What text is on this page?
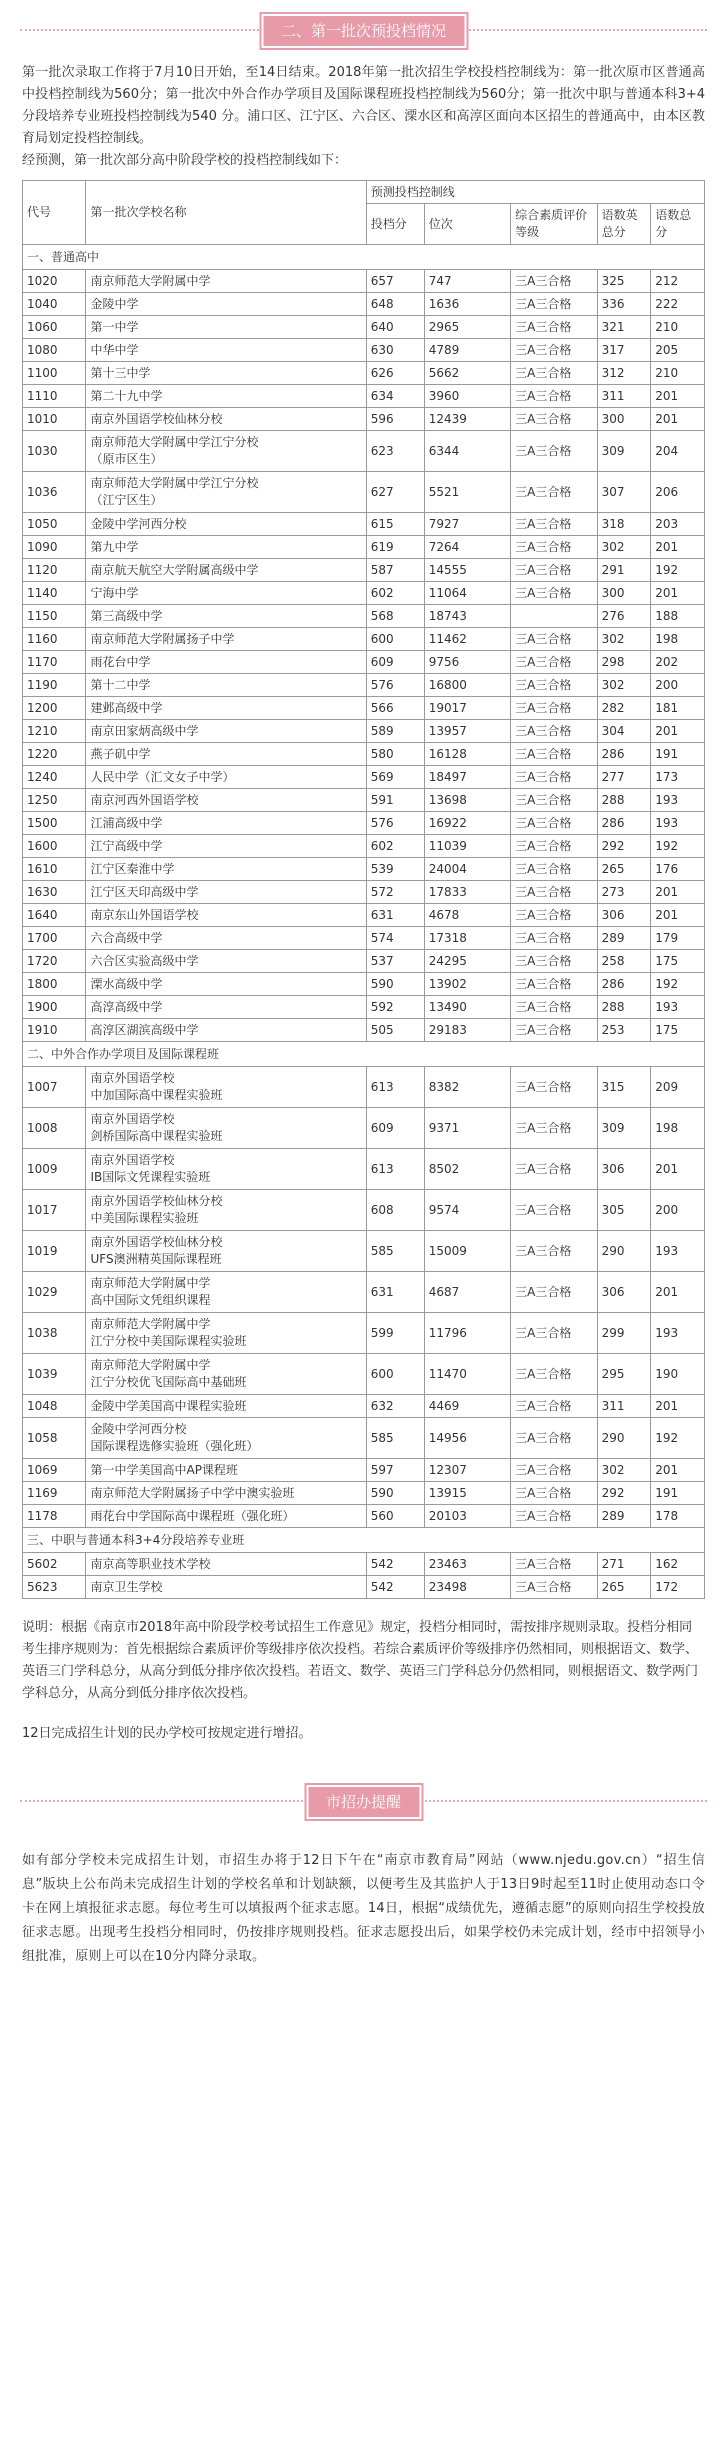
二、第一批次预投档情况
第一批次录取工作将于7月10日开始，至14日结束。2018年第一批次招生学校投档控制线为：第一批次原市区普通高中投档控制线为560分；第一批次中外合作办学项目及国际课程班投档控制线为560分；第一批次中职与普通本科3+4分段培养专业班投档控制线为540 分。浦口区、江宁区、六合区、溧水区和高淳区面向本区招生的普通高中，由本区教育局划定投档控制线。
经预测，第一批次部分高中阶段学校的投档控制线如下：
代号	第一批次学校名称	预测投档控制线				
		投档分	位次	综合素质评价等级	语数英总分	语数总分
一、普通高中						
1020	南京师范大学附属中学	657	747	三A三合格	325	212
1040	金陵中学	648	1636	三A三合格	336	222
1060	第一中学	640	2965	三A三合格	321	210
1080	中华中学	630	4789	三A三合格	317	205
1100	第十三中学	626	5662	三A三合格	312	210
1110	第二十九中学	634	3960	三A三合格	311	201
1010	南京外国语学校仙林分校	596	12439	三A三合格	300	201
1030	南京师范大学附属中学江宁分校
（原市区生）	623	6344	三A三合格	309	204
1036	南京师范大学附属中学江宁分校
（江宁区生）	627	5521	三A三合格	307	206
1050	金陵中学河西分校	615	7927	三A三合格	318	203
1090	第九中学	619	7264	三A三合格	302	201
1120	南京航天航空大学附属高级中学	587	14555	三A三合格	291	192
1140	宁海中学	602	11064	三A三合格	300	201
1150	第三高级中学	568	18743		276	188
1160	南京师范大学附属扬子中学	600	11462	三A三合格	302	198
1170	雨花台中学	609	9756	三A三合格	298	202
1190	第十二中学	576	16800	三A三合格	302	200
1200	建邺高级中学	566	19017	三A三合格	282	181
1210	南京田家炳高级中学	589	13957	三A三合格	304	201
1220	燕子矶中学	580	16128	三A三合格	286	191
1240	人民中学（汇文女子中学）	569	18497	三A三合格	277	173
1250	南京河西外国语学校	591	13698	三A三合格	288	193
1500	江浦高级中学	576	16922	三A三合格	286	193
1600	江宁高级中学	602	11039	三A三合格	292	192
1610	江宁区秦淮中学	539	24004	三A三合格	265	176
1630	江宁区天印高级中学	572	17833	三A三合格	273	201
1640	南京东山外国语学校	631	4678	三A三合格	306	201
1700	六合高级中学	574	17318	三A三合格	289	179
1720	六合区实验高级中学	537	24295	三A三合格	258	175
1800	溧水高级中学	590	13902	三A三合格	286	192
1900	高淳高级中学	592	13490	三A三合格	288	193
1910	高淳区湖滨高级中学	505	29183	三A三合格	253	175
二、中外合作办学项目及国际课程班						
1007	南京外国语学校
中加国际高中课程实验班	613	8382	三A三合格	315	209
1008	南京外国语学校
剑桥国际高中课程实验班	609	9371	三A三合格	309	198
1009	南京外国语学校
IB国际文凭课程实验班	613	8502	三A三合格	306	201
1017	南京外国语学校仙林分校
中美国际课程实验班	608	9574	三A三合格	305	200
1019	南京外国语学校仙林分校
UFS澳洲精英国际课程班	585	15009	三A三合格	290	193
1029	南京师范大学附属中学
高中国际文凭组织课程	631	4687	三A三合格	306	201
1038	南京师范大学附属中学
江宁分校中美国际课程实验班	599	11796	三A三合格	299	193
1039	南京师范大学附属中学
江宁分校优飞国际高中基础班	600	11470	三A三合格	295	190
1048	金陵中学美国高中课程实验班	632	4469	三A三合格	311	201
1058	金陵中学河西分校
国际课程选修实验班（强化班）	585	14956	三A三合格	290	192
1069	第一中学美国高中AP课程班	597	12307	三A三合格	302	201
1169	南京师范大学附属扬子中学中澳实验班	590	13915	三A三合格	292	191
1178	雨花台中学国际高中课程班（强化班）	560	20103	三A三合格	289	178
三、中职与普通本科3+4分段培养专业班						
5602	南京高等职业技术学校	542	23463	三A三合格	271	162
5623	南京卫生学校	542	23498	三A三合格	265	172
说明：根据《南京市2018年高中阶段学校考试招生工作意见》规定，投档分相同时，需按排序规则录取。投档分相同考生排序规则为：首先根据综合素质评价等级排序依次投档。若综合素质评价等级排序仍然相同，则根据语文、数学、英语三门学科总分，从高分到低分排序依次投档。若语文、数学、英语三门学科总分仍然相同，则根据语文、数学两门学科总分，从高分到低分排序依次投档。
12日完成招生计划的民办学校可按规定进行增招。
市招办提醒
如有部分学校未完成招生计划，市招生办将于12日下午在“南京市教育局”网站（www.njedu.gov.cn）“招生信息”版块上公布尚未完成招生计划的学校名单和计划缺额，以便考生及其监护人于13日9时起至11时止使用动态口令卡在网上填报征求志愿。每位考生可以填报两个征求志愿。14日，根据“成绩优先，遵循志愿”的原则向招生学校投放征求志愿。出现考生投档分相同时，仍按排序规则投档。征求志愿投出后，如果学校仍未完成计划，经市中招领导小组批准，原则上可以在10分内降分录取。
